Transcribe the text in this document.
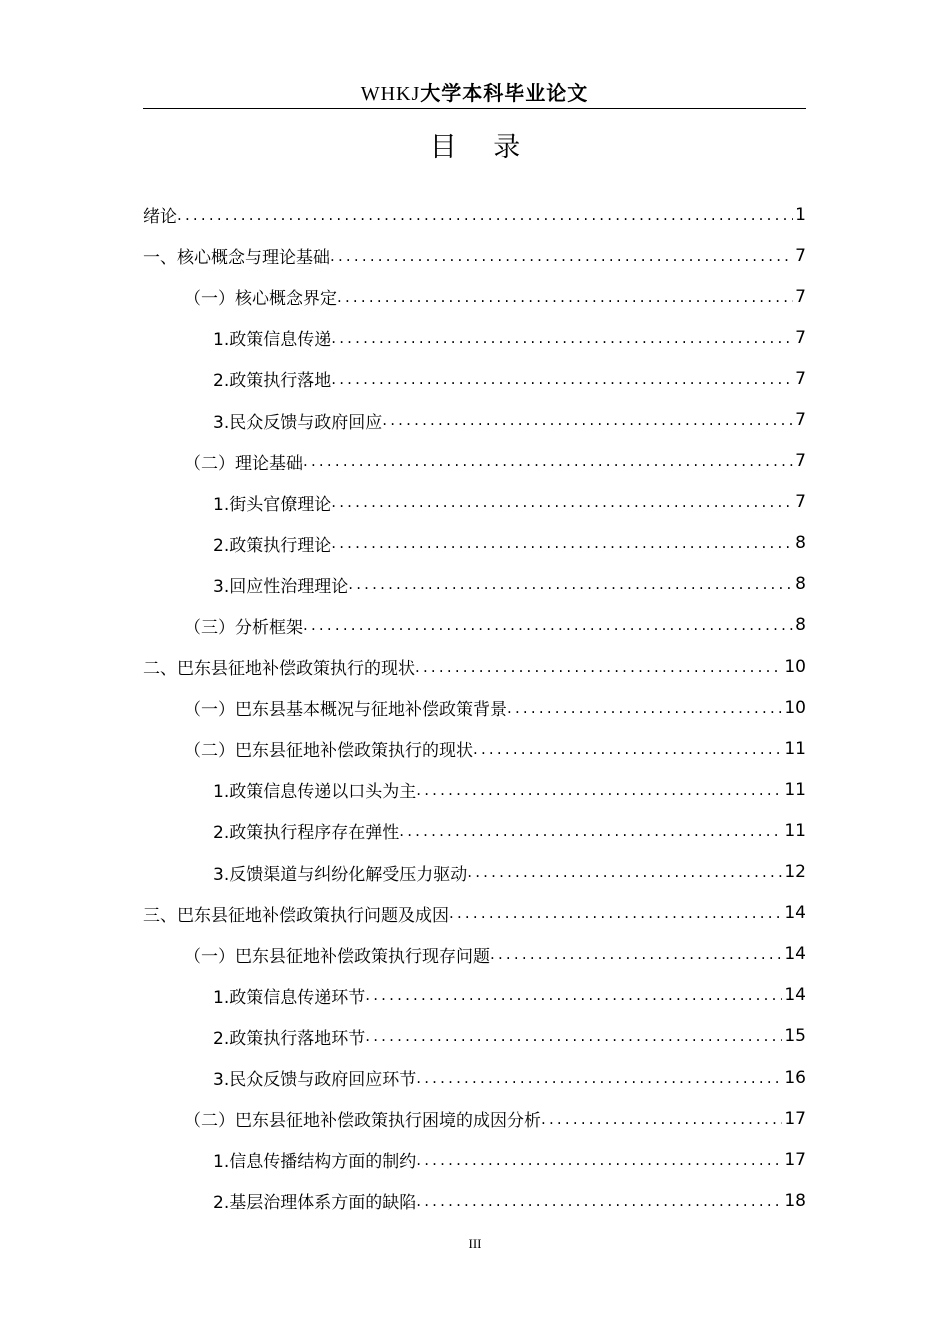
WHKJ大学本科毕业论文
目 录
绪论 .....	1
一、核心概念与理论基础 .....	7
（一）核心概念界定 .....	7
1.政策信息传递 .....	7
2.政策执行落地 .....	7
3.民众反馈与政府回应 .....	7
（二）理论基础 .....	7
1.街头官僚理论 .....	7
2.政策执行理论 .....	8
3.回应性治理理论 .....	8
（三）分析框架 .....	8
二、巴东县征地补偿政策执行的现状 .....	10
（一）巴东县基本概况与征地补偿政策背景 .....	10
（二）巴东县征地补偿政策执行的现状 .....	11
1.政策信息传递以口头为主 .....	11
2.政策执行程序存在弹性 .....	11
3.反馈渠道与纠纷化解受压力驱动 .....	12
三、巴东县征地补偿政策执行问题及成因 .....	14
（一）巴东县征地补偿政策执行现存问题 .....	14
1.政策信息传递环节 .....	14
2.政策执行落地环节 .....	15
3.民众反馈与政府回应环节 .....	16
（二）巴东县征地补偿政策执行困境的成因分析 .....	17
1.信息传播结构方面的制约 .....	17
2.基层治理体系方面的缺陷 .....	18
III
